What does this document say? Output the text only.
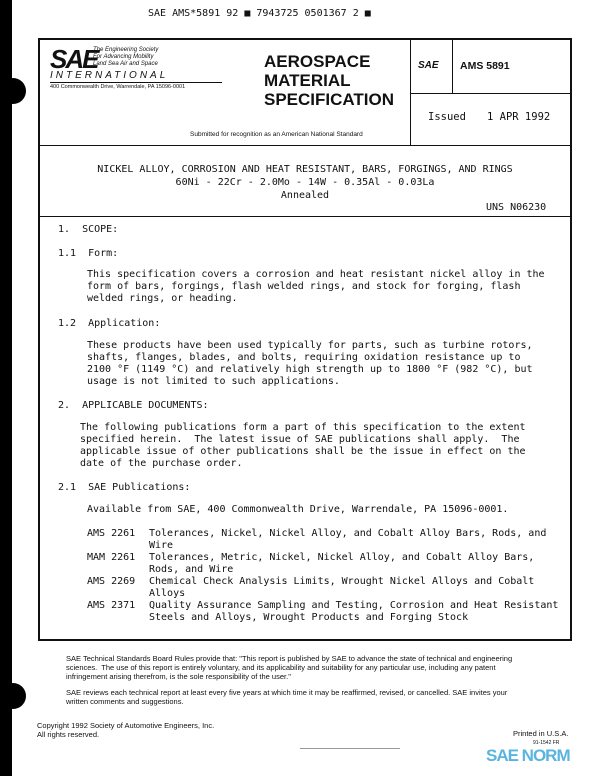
SAE AMS*5891 92 ■ 7943725 0501367 2 ■
SAE
The Engineering Society
For Advancing Mobility
Land Sea Air and Space
INTERNATIONAL
400 Commonwealth Drive, Warrendale, PA 15096-0001
AEROSPACE
MATERIAL
SPECIFICATION
Submitted for recognition as an American National Standard
SAE AMS 5891
Issued 1 APR 1992
NICKEL ALLOY, CORROSION AND HEAT RESISTANT, BARS, FORGINGS, AND RINGS
60Ni - 22Cr - 2.0Mo - 14W - 0.35Al - 0.03La
Annealed
UNS N06230
1.  SCOPE:
1.1  Form:
This specification covers a corrosion and heat resistant nickel alloy in the
form of bars, forgings, flash welded rings, and stock for forging, flash
welded rings, or heading.
1.2  Application:
These products have been used typically for parts, such as turbine rotors,
shafts, flanges, blades, and bolts, requiring oxidation resistance up to
2100 °F (1149 °C) and relatively high strength up to 1800 °F (982 °C), but
usage is not limited to such applications.
2.  APPLICABLE DOCUMENTS:
The following publications form a part of this specification to the extent
specified herein.  The latest issue of SAE publications shall apply.  The
applicable issue of other publications shall be the issue in effect on the
date of the purchase order.
2.1  SAE Publications:
Available from SAE, 400 Commonwealth Drive, Warrendale, PA 15096-0001.
AMS 2261	Tolerances, Nickel, Nickel Alloy, and Cobalt Alloy Bars, Rods, and
Wire
MAM 2261	Tolerances, Metric, Nickel, Nickel Alloy, and Cobalt Alloy Bars,
Rods, and Wire
AMS 2269	Chemical Check Analysis Limits, Wrought Nickel Alloys and Cobalt
Alloys
AMS 2371	Quality Assurance Sampling and Testing, Corrosion and Heat Resistant
Steels and Alloys, Wrought Products and Forging Stock
SAE Technical Standards Board Rules provide that: "This report is published by SAE to advance the state of technical and engineering
sciences.  The use of this report is entirely voluntary, and its applicability and suitability for any particular use, including any patent
infringement arising therefrom, is the sole responsibility of the user."
SAE reviews each technical report at least every five years at which time it may be reaffirmed, revised, or cancelled. SAE invites your
written comments and suggestions.
Copyright 1992 Society of Automotive Engineers, Inc.
All rights reserved.	Printed in U.S.A.
91-1542 FR
SAE NORM
